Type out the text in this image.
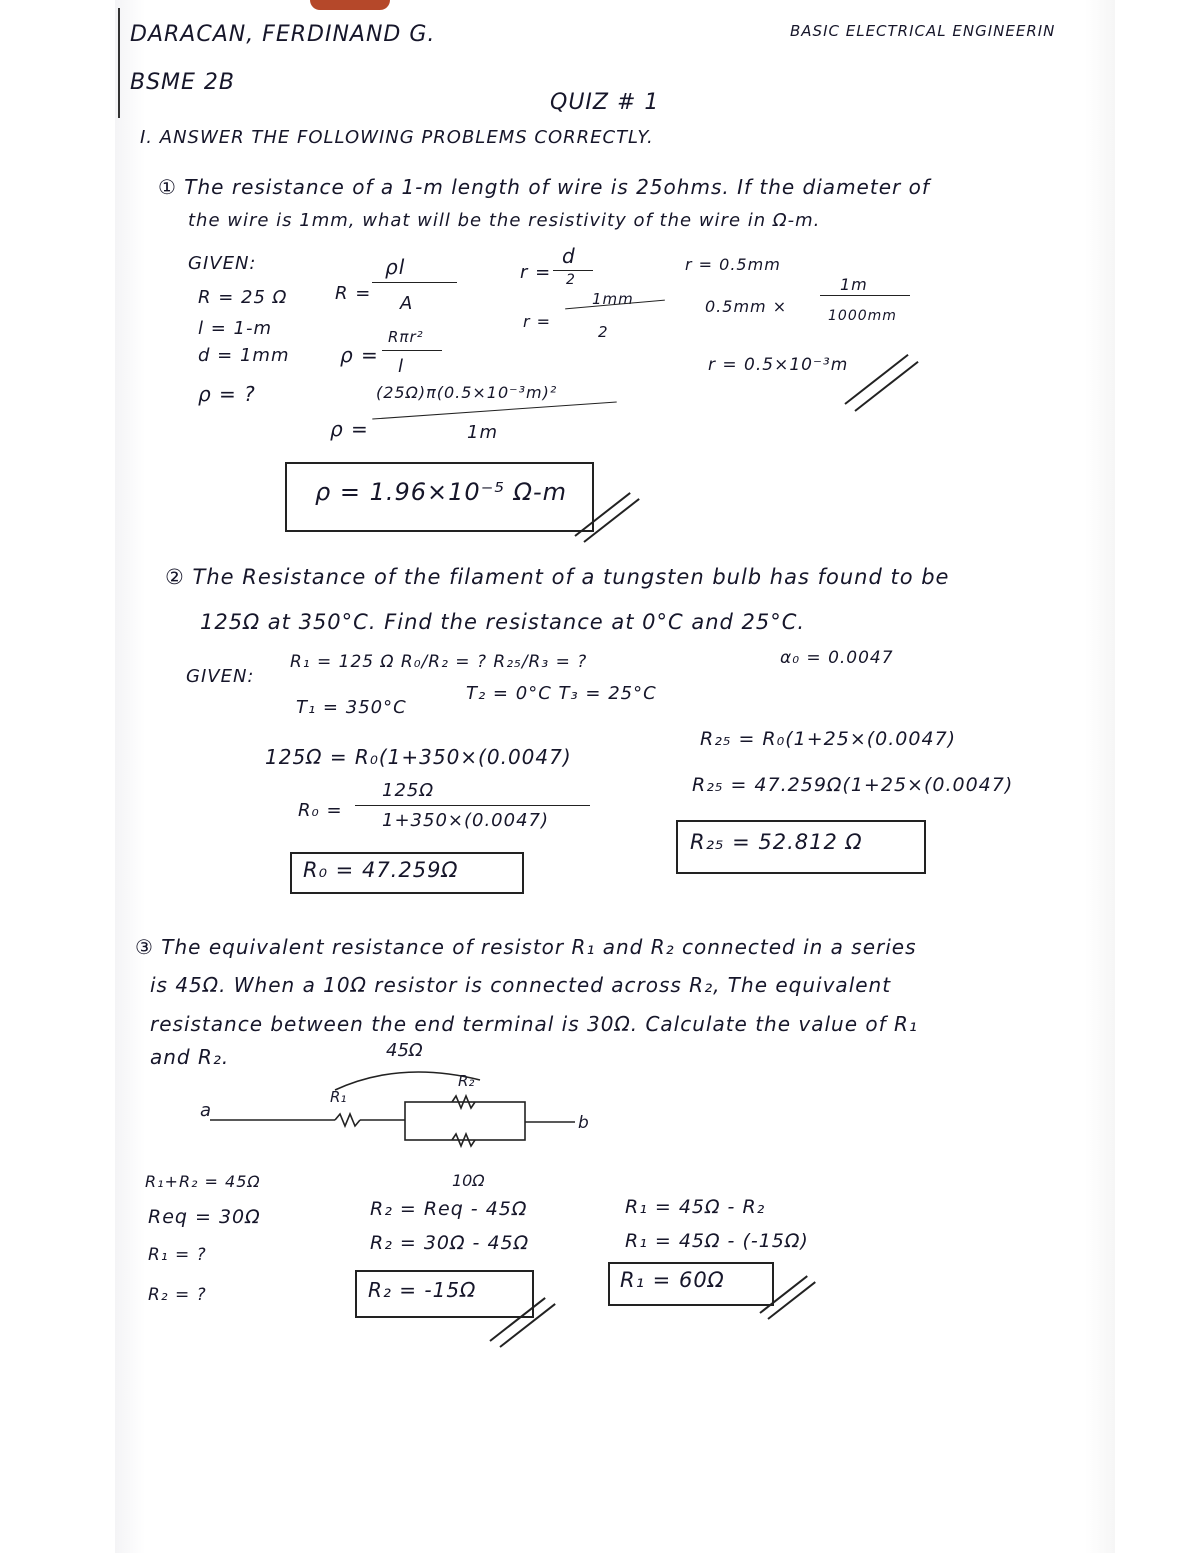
DARACAN, FERDINAND G.
BSME 2B
BASIC ELECTRICAL ENGINEERIN
QUIZ # 1
I. ANSWER THE FOLLOWING PROBLEMS CORRECTLY.
① The resistance of a 1-m length of wire is 25ohms. If the diameter of
the wire is 1mm, what will be the resistivity of the wire in Ω-m.
GIVEN:
R = 25 Ω
l = 1-m
d = 1mm
ρ = ?
R =
ρl
A
ρ =
Rπr²
l
r =
d
2
r =
1mm
2
r = 0.5mm
0.5mm ×
1m
1000mm
r = 0.5×10⁻³m
ρ =
(25Ω)π(0.5×10⁻³m)²
1m
ρ = 1.96×10⁻⁵ Ω-m
② The Resistance of the filament of a tungsten bulb has found to be
125Ω at 350°C. Find the resistance at 0°C and 25°C.
GIVEN:
R₁ = 125 Ω R₀/R₂ = ? R₂₅/R₃ = ?	α₀ = 0.0047
T₁ = 350°C
T₂ = 0°C T₃ = 25°C
125Ω = R₀(1+350×(0.0047)
R₀ =
125Ω
1+350×(0.0047)
R₀ = 47.259Ω
R₂₅ = R₀(1+25×(0.0047)
R₂₅ = 47.259Ω(1+25×(0.0047)
R₂₅ = 52.812 Ω
③ The equivalent resistance of resistor R₁ and R₂ connected in a series
is 45Ω. When a 10Ω resistor is connected across R₂, The equivalent
resistance between the end terminal is 30Ω. Calculate the value of R₁
and R₂.	45Ω
a
R₁
R₂
10Ω
b
R₁+R₂ = 45Ω
Req = 30Ω
R₁ = ?
R₂ = ?
R₂ = Req - 45Ω
R₂ = 30Ω - 45Ω
R₂ = -15Ω
R₁ = 45Ω - R₂
R₁ = 45Ω - (-15Ω)
R₁ = 60Ω
